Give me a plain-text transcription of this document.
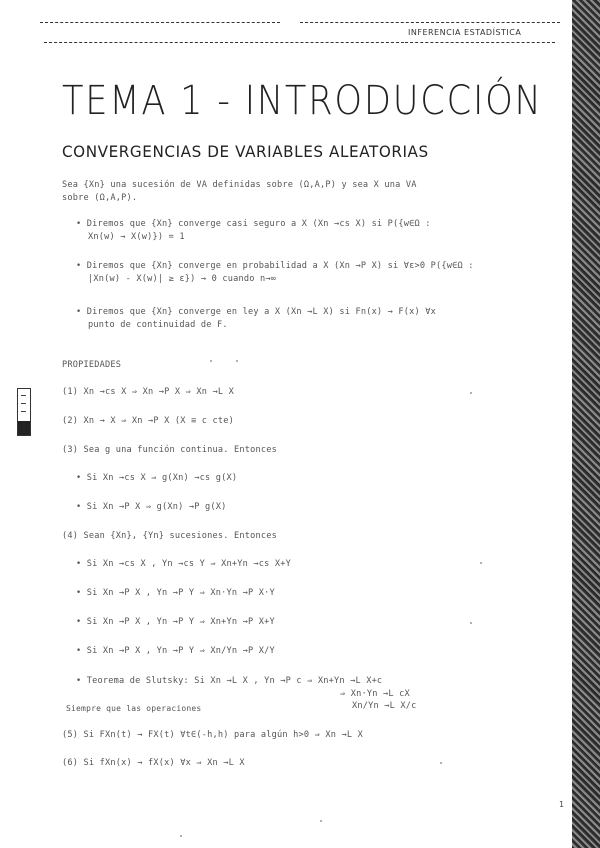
INFERENCIA ESTADÍSTICA
TEMA 1 - INTRODUCCIÓN
CONVERGENCIAS DE VARIABLES ALEATORIAS
Sea {Xn} una sucesión de VA definidas sobre (Ω,A,P) y sea X una VA
sobre (Ω,A,P).
• Diremos que {Xn} converge casi seguro a X (Xn →cs X) si P({w∈Ω :
Xn(w) → X(w)}) = 1
• Diremos que {Xn} converge en probabilidad a X (Xn →P X) si ∀ε>0 P({w∈Ω :
|Xn(w) - X(w)| ≥ ε}) → 0 cuando n→∞
• Diremos que {Xn} converge en ley a X (Xn →L X) si Fn(x) → F(x) ∀x
punto de continuidad de F.
PROPIEDADES
(1) Xn →cs X ⇒ Xn →P X ⇒ Xn →L X
(2) Xn → X ⇒ Xn →P X (X ≡ c cte)
(3) Sea g una función continua. Entonces
• Si Xn →cs X ⇒ g(Xn) →cs g(X)
• Si Xn →P X ⇒ g(Xn) →P g(X)
(4) Sean {Xn}, {Yn} sucesiones. Entonces
• Si Xn →cs X , Yn →cs Y ⇒ Xn+Yn →cs X+Y
• Si Xn →P X , Yn →P Y ⇒ Xn·Yn →P X·Y
• Si Xn →P X , Yn →P Y ⇒ Xn+Yn →P X+Y
• Si Xn →P X , Yn →P Y ⇒ Xn/Yn →P X/Y
• Teorema de Slutsky: Si Xn →L X , Yn →P c ⇒ Xn+Yn →L X+c
⇒ Xn·Yn →L cX
Xn/Yn →L X/c
Siempre que las operaciones
(5) Si FXn(t) → FX(t) ∀t∈(-h,h) para algún h>0 ⇒ Xn →L X
(6) Si fXn(x) → fX(x) ∀x ⇒ Xn →L X
1
